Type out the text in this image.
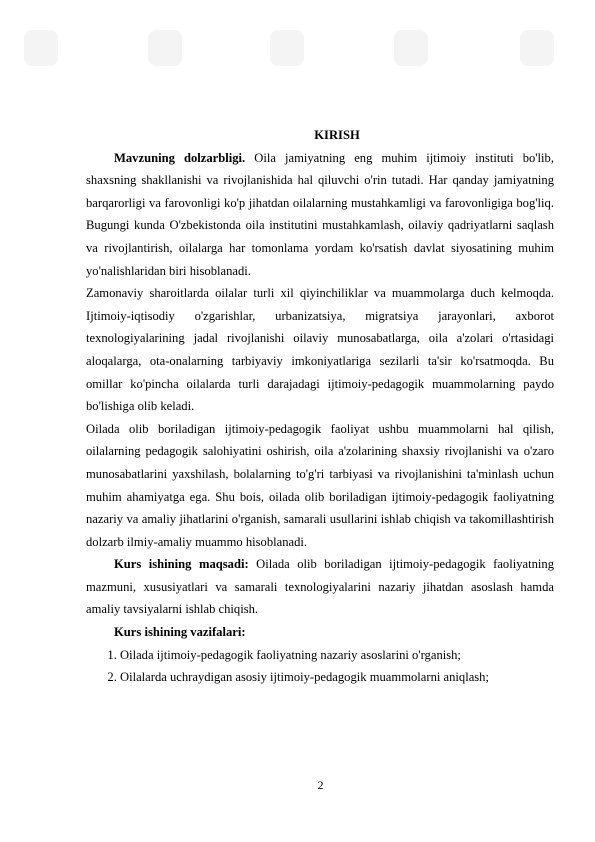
KIRISH

Mavzuning dolzarbligi. Oila jamiyatning eng muhim ijtimoiy instituti bo'lib, shaxsning shakllanishi va rivojlanishida hal qiluvchi o'rin tutadi. Har qanday jamiyatning barqarorligi va farovonligi ko'p jihatdan oilalarning mustahkamligi va farovonligiga bog'liq. Bugungi kunda O'zbekistonda oila institutini mustahkamlash, oilaviy qadriyatlarni saqlash va rivojlantirish, oilalarga har tomonlama yordam ko'rsatish davlat siyosatining muhim yo'nalishlaridan biri hisoblanadi.

Zamonaviy sharoitlarda oilalar turli xil qiyinchiliklar va muammolarga duch kelmoqda. Ijtimoiy-iqtisodiy o'zgarishlar, urbanizatsiya, migratsiya jarayonlari, axborot texnologiyalarining jadal rivojlanishi oilaviy munosabatlarga, oila a'zolari o'rtasidagi aloqalarga, ota-onalarning tarbiyaviy imkoniyatlariga sezilarli ta'sir ko'rsatmoqda. Bu omillar ko'pincha oilalarda turli darajadagi ijtimoiy-pedagogik muammolarning paydo bo'lishiga olib keladi.

Oilada olib boriladigan ijtimoiy-pedagogik faoliyat ushbu muammolarni hal qilish, oilalarning pedagogik salohiyatini oshirish, oila a'zolarining shaxsiy rivojlanishi va o'zaro munosabatlarini yaxshilash, bolalarning to'g'ri tarbiyasi va rivojlanishini ta'minlash uchun muhim ahamiyatga ega. Shu bois, oilada olib boriladigan ijtimoiy-pedagogik faoliyatning nazariy va amaliy jihatlarini o'rganish, samarali usullarini ishlab chiqish va takomillashtirish dolzarb ilmiy-amaliy muammo hisoblanadi.

Kurs ishining maqsadi: Oilada olib boriladigan ijtimoiy-pedagogik faoliyatning mazmuni, xususiyatlari va samarali texnologiyalarini nazariy jihatdan asoslash hamda amaliy tavsiyalarni ishlab chiqish.

Kurs ishining vazifalari:

1. Oilada ijtimoiy-pedagogik faoliyatning nazariy asoslarini o'rganish;
2. Oilalarda uchraydigan asosiy ijtimoiy-pedagogik muammolarni aniqlash;
2
